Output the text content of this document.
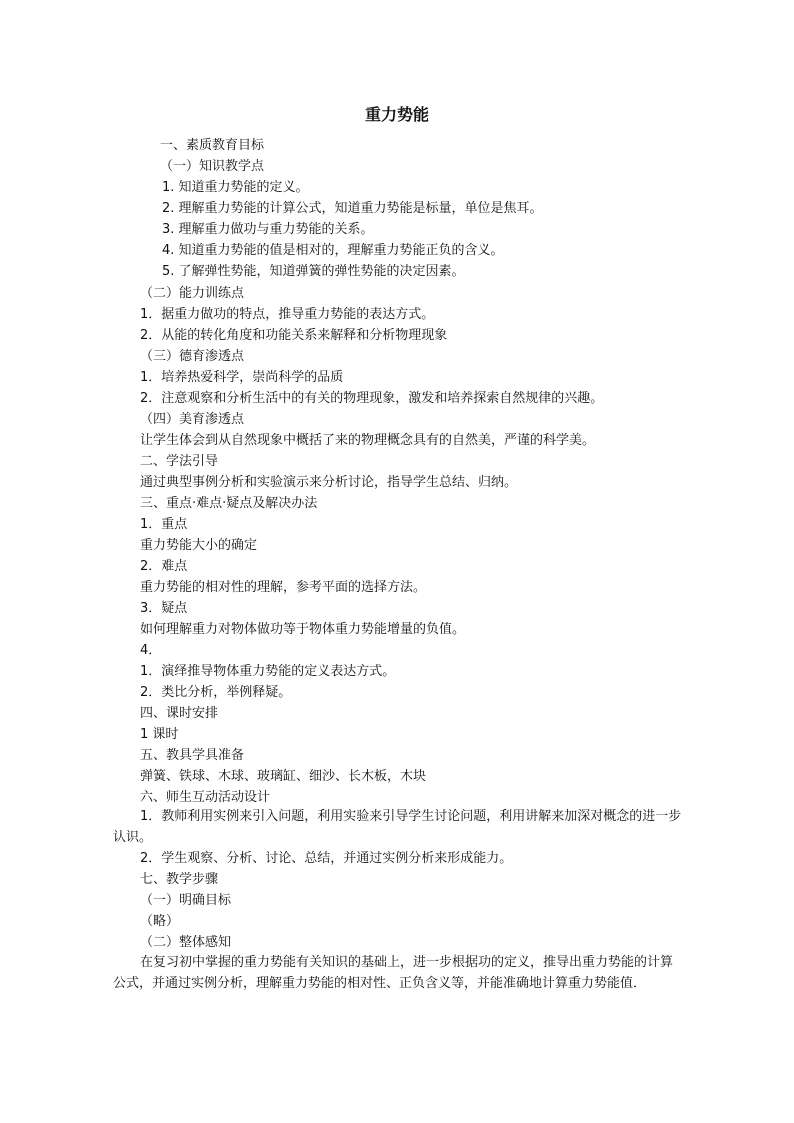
重力势能
一、素质教育目标
（一）知识教学点
1. 知道重力势能的定义。
2. 理解重力势能的计算公式，知道重力势能是标量，单位是焦耳。
3. 理解重力做功与重力势能的关系。
4. 知道重力势能的值是相对的，理解重力势能正负的含义。
5. 了解弹性势能，知道弹簧的弹性势能的决定因素。
（二）能力训练点
1．据重力做功的特点，推导重力势能的表达方式。
2．从能的转化角度和功能关系来解释和分析物理现象
（三）德育渗透点
1．培养热爱科学，崇尚科学的品质
2．注意观察和分析生活中的有关的物理现象，激发和培养探索自然规律的兴趣。
（四）美育渗透点
让学生体会到从自然现象中概括了来的物理概念具有的自然美，严谨的科学美。
二、学法引导
通过典型事例分析和实验演示来分析讨论，指导学生总结、归纳。
三、重点·难点·疑点及解决办法
1．重点
重力势能大小的确定
2．难点
重力势能的相对性的理解，参考平面的选择方法。
3．疑点
如何理解重力对物体做功等于物体重力势能增量的负值。
4．
1．演绎推导物体重力势能的定义表达方式。
2．类比分析，举例释疑。
四、课时安排
1 课时
五、教具学具准备
弹簧、铁球、木球、玻璃缸、细沙、长木板，木块
六、师生互动活动设计
1．教师利用实例来引入问题，利用实验来引导学生讨论问题，利用讲解来加深对概念的进一步认识。
2．学生观察、分析、讨论、总结，并通过实例分析来形成能力。
七、教学步骤
（一）明确目标
（略）
（二）整体感知
在复习初中掌握的重力势能有关知识的基础上，进一步根据功的定义，推导出重力势能的计算公式，并通过实例分析，理解重力势能的相对性、正负含义等，并能准确地计算重力势能值．
